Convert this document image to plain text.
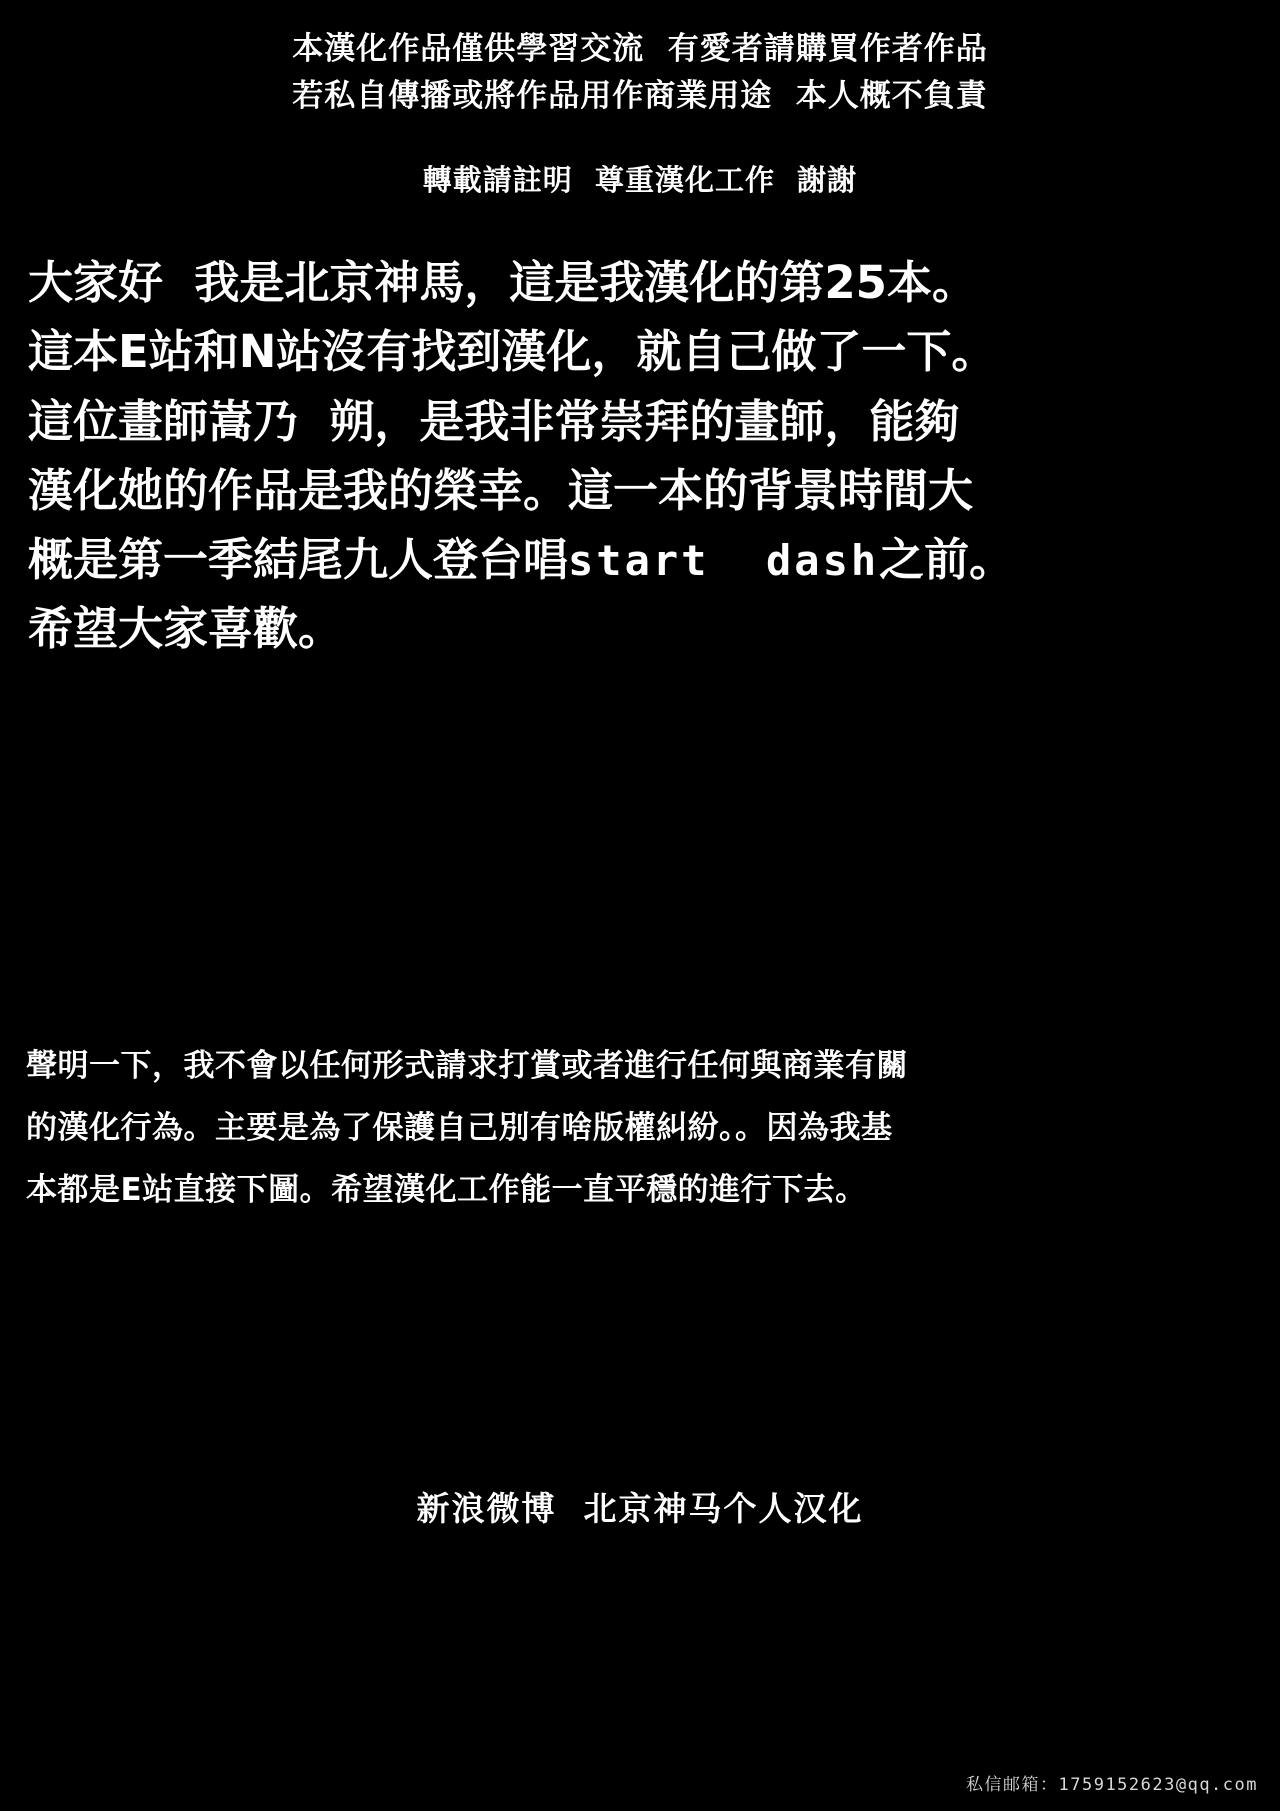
本漢化作品僅供學習交流  有愛者請購買作者作品
若私自傳播或將作品用作商業用途  本人概不負責
轉載請註明  尊重漢化工作  謝謝
大家好  我是北京神馬，這是我漢化的第25本。
這本E站和N站沒有找到漢化，就自己做了一下。
這位畫師嵩乃  朔，是我非常崇拜的畫師，能夠
漢化她的作品是我的榮幸。這一本的背景時間大
概是第一季結尾九人登台唱start  dash之前。
希望大家喜歡。
聲明一下，我不會以任何形式請求打賞或者進行任何與商業有關
的漢化行為。主要是為了保護自己別有啥版權糾紛。。因為我基
本都是E站直接下圖。希望漢化工作能一直平穩的進行下去。
新浪微博  北京神马个人汉化
私信邮箱：1759152623@qq.com
